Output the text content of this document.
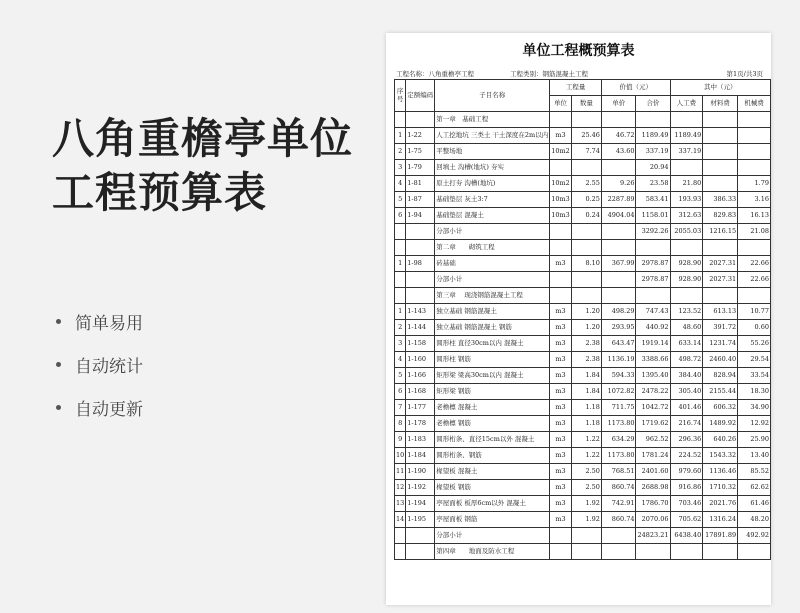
八角重檐亭单位
工程预算表
简单易用
自动统计
自动更新
单位工程概预算表
工程名称：八角重檐亭工程	工程类别：钢筋混凝土工程	第1页/共3页
序号	定额编码	子目名称	工程量		价值（元）		其中（元）		
			单位	数量	单价	合价	人工费	材料费	机械费
		第一章　基础工程							
1	1-22	人工挖地坑 三类土 干土深度在2m以内	m3	25.46	46.72	1189.49	1189.49		
2	1-75	平整场地	10m2	7.74	43.60	337.19	337.19		
3	1-79	回填土 沟槽(地坑) 夯实				20.94			
4	1-81	原土打夯 沟槽(地坑)	10m2	2.55	9.26	23.58	21.80		1.79
5	1-87	基础垫层 灰土3:7	10m3	0.25	2287.89	583.41	193.93	386.33	3.16
6	1-94	基础垫层 混凝土	10m3	0.24	4904.04	1158.01	312.63	829.83	16.13
		分部小计				3292.26	2055.03	1216.15	21.08
		第二章　　砌筑工程							
1	1-98	砖基础	m3	8.10	367.99	2978.87	928.90	2027.31	22.66
		分部小计				2978.87	928.90	2027.31	22.66
		第三章　 现浇钢筋混凝土工程							
1	1-143	独立基础 钢筋混凝土	m3	1.20	498.29	747.43	123.52	613.13	10.77
2	1-144	独立基础 钢筋混凝土 钢筋	m3	1.20	293.95	440.92	48.60	391.72	0.60
3	1-158	圆形柱 直径30cm以内 混凝土	m3	2.38	643.47	1919.14	633.14	1231.74	55.26
4	1-160	圆形柱 钢筋	m3	2.38	1136.19	3388.66	498.72	2460.40	29.54
5	1-166	矩形梁 梁高30cm以内 混凝土	m3	1.84	594.33	1395.40	384.40	828.94	33.54
6	1-168	矩形梁 钢筋	m3	1.84	1072.82	2478.22	305.40	2155.44	18.30
7	1-177	老檐檩 混凝土	m3	1.18	711.75	1042.72	401.46	606.32	34.90
8	1-178	老檐檩 钢筋	m3	1.18	1173.80	1719.62	216.74	1489.92	12.92
9	1-183	圆形桁条、直径15cm以外 混凝土	m3	1.22	634.29	962.52	296.36	640.26	25.90
10	1-184	圆形桁条、钢筋	m3	1.22	1173.80	1781.24	224.52	1543.32	13.40
11	1-190	椽望板 混凝土	m3	2.50	768.51	2401.60	979.60	1136.46	85.52
12	1-192	椽望板 钢筋	m3	2.50	860.74	2688.98	916.86	1710.32	62.62
13	1-194	亭屋面板 板厚6cm以外 混凝土	m3	1.92	742.91	1786.70	703.46	2021.76	61.46
14	1-195	亭屋面板 钢筋	m3	1.92	860.74	2070.06	705.62	1316.24	48.20
		分部小计				24823.21	6438.40	17891.89	492.92
		第四章　　地面及防水工程							
